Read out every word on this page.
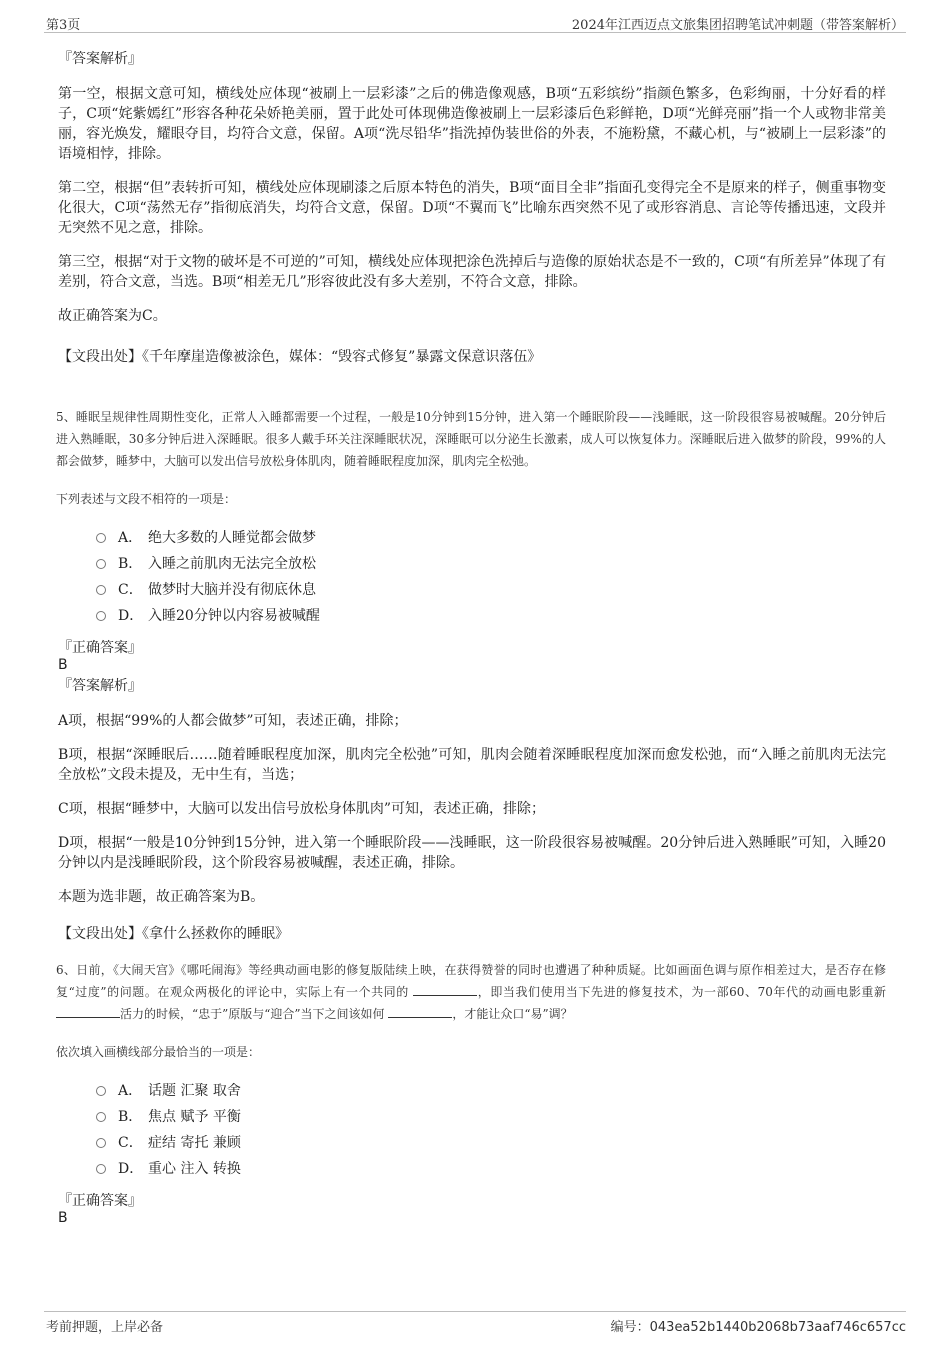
第3页	2024年江西迈点文旅集团招聘笔试冲刺题（带答案解析）
『答案解析』

第一空，根据文意可知，横线处应体现“被刷上一层彩漆”之后的佛造像观感，B项“五彩缤纷”指颜色繁多，色彩绚丽，十分好看的样子，C项“姹紫嫣红”形容各种花朵娇艳美丽，置于此处可体现佛造像被刷上一层彩漆后色彩鲜艳，D项“光鲜亮丽”指一个人或物非常美丽，容光焕发，耀眼夺目，均符合文意，保留。A项“洗尽铅华”指洗掉伪装世俗的外表，不施粉黛，不藏心机，与“被刷上一层彩漆”的语境相悖，排除。

第二空，根据“但”表转折可知，横线处应体现刷漆之后原本特色的消失，B项“面目全非”指面孔变得完全不是原来的样子，侧重事物变化很大，C项“荡然无存”指彻底消失，均符合文意，保留。D项“不翼而飞”比喻东西突然不见了或形容消息、言论等传播迅速，文段并无突然不见之意，排除。

第三空，根据“对于文物的破坏是不可逆的”可知，横线处应体现把涂色洗掉后与造像的原始状态是不一致的，C项“有所差异”体现了有差别，符合文意，当选。B项“相差无几”形容彼此没有多大差别，不符合文意，排除。

故正确答案为C。

【文段出处】《千年摩崖造像被涂色，媒体：“毁容式修复”暴露文保意识落伍》

5、睡眠呈规律性周期性变化，正常人入睡都需要一个过程，一般是10分钟到15分钟，进入第一个睡眠阶段——浅睡眠，这一阶段很容易被喊醒。20分钟后进入熟睡眠，30多分钟后进入深睡眠。很多人戴手环关注深睡眠状况，深睡眠可以分泌生长激素，成人可以恢复体力。深睡眠后进入做梦的阶段，99%的人都会做梦，睡梦中，大脑可以发出信号放松身体肌肉，随着睡眠程度加深，肌肉完全松弛。

下列表述与文段不相符的一项是：
A． 绝大多数的人睡觉都会做梦
B． 入睡之前肌肉无法完全放松
C． 做梦时大脑并没有彻底休息
D． 入睡20分钟以内容易被喊醒
『正确答案』
B
『答案解析』

A项，根据“99%的人都会做梦”可知，表述正确，排除；

B项，根据“深睡眠后……随着睡眠程度加深，肌肉完全松弛”可知，肌肉会随着深睡眠程度加深而愈发松弛，而“入睡之前肌肉无法完全放松”文段未提及，无中生有，当选；

C项，根据“睡梦中，大脑可以发出信号放松身体肌肉”可知，表述正确，排除；

D项，根据“一般是10分钟到15分钟，进入第一个睡眠阶段——浅睡眠，这一阶段很容易被喊醒。20分钟后进入熟睡眠”可知，入睡20分钟以内是浅睡眠阶段，这个阶段容易被喊醒，表述正确，排除。

本题为选非题，故正确答案为B。

【文段出处】《拿什么拯救你的睡眠》

6、日前，《大闹天宫》《哪吒闹海》等经典动画电影的修复版陆续上映，在获得赞誉的同时也遭遇了种种质疑。比如画面色调与原作相差过大，是否存在修复“过度”的问题。在观众两极化的评论中，实际上有一个共同的	，即当我们使用当下先进的修复技术，为一部60、70年代的动画电影重新 活力的时候，“忠于”原版与“迎合”当下之间该如何	，才能让众口“易”调？

依次填入画横线部分最恰当的一项是：
A． 话题 汇聚 取舍
B． 焦点 赋予 平衡
C． 症结 寄托 兼顾
D． 重心 注入 转换
『正确答案』
B
考前押题，上岸必备	编号：043ea52b1440b2068b73aaf746c657cc
